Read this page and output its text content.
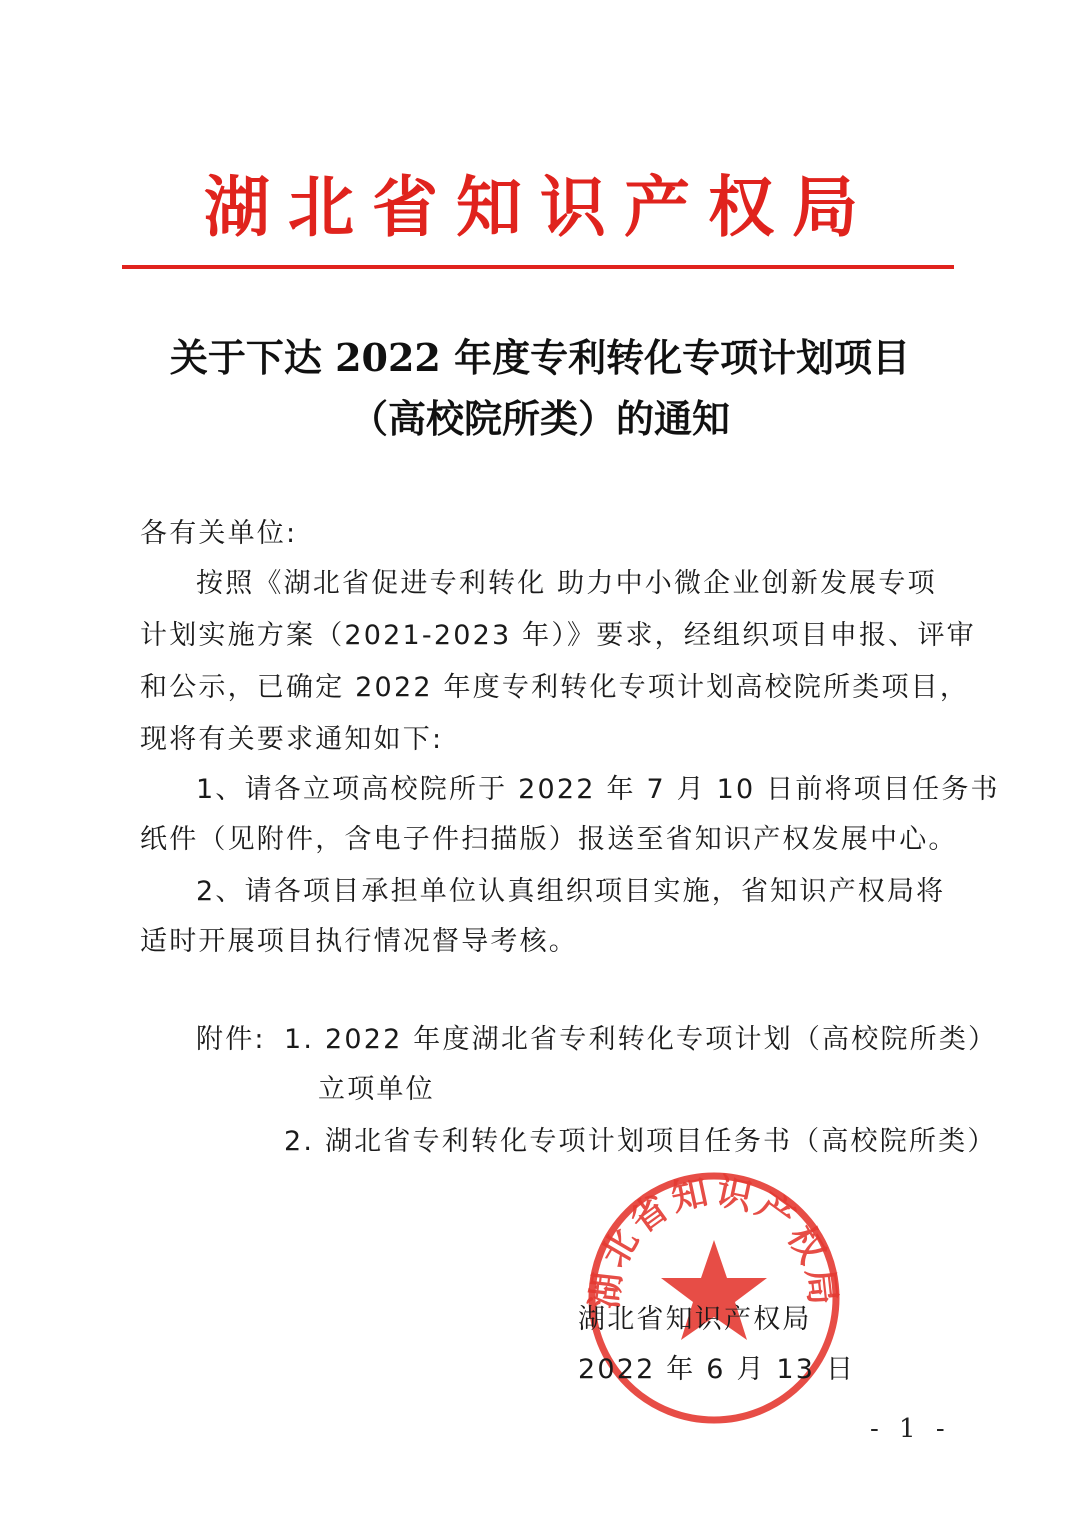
湖北省知识产权局
关于下达 2022 年度专利转化专项计划项目
（高校院所类）的通知
各有关单位:
按照《湖北省促进专利转化 助力中小微企业创新发展专项
计划实施方案（2021-2023 年）》要求，经组织项目申报、评审
和公示，已确定 2022 年度专利转化专项计划高校院所类项目，
现将有关要求通知如下:
1、请各立项高校院所于 2022 年 7 月 10 日前将项目任务书
纸件（见附件，含电子件扫描版）报送至省知识产权发展中心。
2、请各项目承担单位认真组织项目实施，省知识产权局将
适时开展项目执行情况督导考核。
附件: 1. 2022 年度湖北省专利转化专项计划（高校院所类）
立项单位
2. 湖北省专利转化专项计划项目任务书（高校院所类）
湖北省知识产权局
湖北省知识产权局
2022 年 6 月 13 日
- 1 -
